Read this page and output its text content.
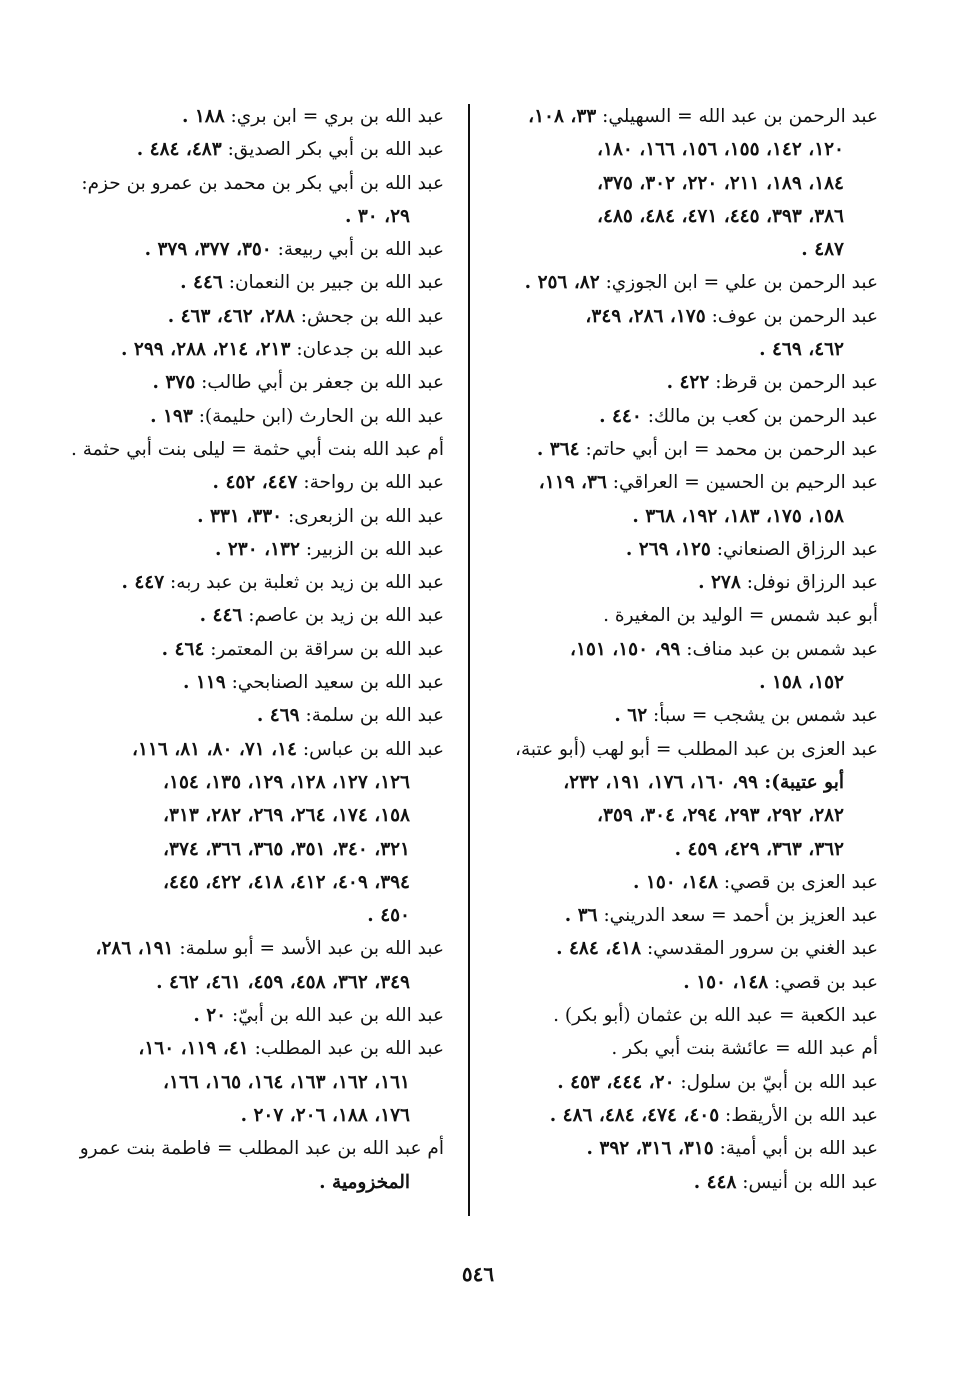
عبد الرحمن بن عبد الله = السهيلي: ٣٣، ١٠٨،
١٢٠، ١٤٢، ١٥٥، ١٥٦، ١٦٦، ١٨٠،
١٨٤، ١٨٩، ٢١١، ٢٢٠، ٣٠٢، ٣٧٥،
٣٨٦، ٣٩٣، ٤٤٥، ٤٧١، ٤٨٤، ٤٨٥،
٤٨٧ .
عبد الرحمن بن علي = ابن الجوزي: ٨٢، ٢٥٦ .
عبد الرحمن بن عوف: ١٧٥، ٢٨٦، ٣٤٩،
٤٦٢، ٤٦٩ .
عبد الرحمن بن قرظ: ٤٢٢ .
عبد الرحمن بن كعب بن مالك: ٤٤٠ .
عبد الرحمن بن محمد = ابن أبي حاتم: ٣٦٤ .
عبد الرحيم بن الحسين = العراقي: ٣٦، ١١٩،
١٥٨، ١٧٥، ١٨٣، ١٩٢، ٣٦٨ .
عبد الرزاق الصنعاني: ١٢٥، ٢٦٩ .
عبد الرزاق نوفل: ٢٧٨ .
أبو عبد شمس = الوليد بن المغيرة .
عبد شمس بن عبد مناف: ٩٩، ١٥٠، ١٥١،
١٥٢، ١٥٨ .
عبد شمس بن يشجب = سبأ: ٦٢ .
عبد العزى بن عبد المطلب = أبو لهب (أبو عتبة،
أبو عتيبة): ٩٩، ١٦٠، ١٧٦، ١٩١، ٢٣٢،
٢٨٢، ٢٩٢، ٢٩٣، ٢٩٤، ٣٠٤، ٣٥٩،
٣٦٢، ٣٦٣، ٤٢٩، ٤٥٩ .
عبد العزى بن قصي: ١٤٨، ١٥٠ .
عبد العزيز بن أحمد = سعد الدريني: ٣٦ .
عبد الغني بن سرور المقدسي: ٤١٨، ٤٨٤ .
عبد بن قصي: ١٤٨، ١٥٠ .
عبد الكعبة = عبد الله بن عثمان (أبو بكر) .
أم عبد الله = عائشة بنت أبي بكر .
عبد الله بن أبيّ بن سلول: ٢٠، ٤٤٤، ٤٥٣ .
عبد الله بن الأريقط: ٤٠٥، ٤٧٤، ٤٨٤، ٤٨٦ .
عبد الله بن أبي أمية: ٣١٥، ٣١٦، ٣٩٢ .
عبد الله بن أنيس: ٤٤٨ .
عبد الله بن بري = ابن بري: ١٨٨ .
عبد الله بن أبي بكر الصديق: ٤٨٣، ٤٨٤ .
عبد الله بن أبي بكر بن محمد بن عمرو بن حزم:
٢٩، ٣٠ .
عبد الله بن أبي ربيعة: ٣٥٠، ٣٧٧، ٣٧٩ .
عبد الله بن جبير بن النعمان: ٤٤٦ .
عبد الله بن جحش: ٢٨٨، ٤٦٢، ٤٦٣ .
عبد الله بن جدعان: ٢١٣، ٢١٤، ٢٨٨، ٢٩٩ .
عبد الله بن جعفر بن أبي طالب: ٣٧٥ .
عبد الله بن الحارث (ابن حليمة): ١٩٣ .
أم عبد الله بنت أبي حثمة = ليلى بنت أبي حثمة .
عبد الله بن رواحة: ٤٤٧، ٤٥٢ .
عبد الله بن الزبعرى: ٣٣٠، ٣٣١ .
عبد الله بن الزبير: ١٣٢، ٢٣٠ .
عبد الله بن زيد بن ثعلبة بن عبد ربه: ٤٤٧ .
عبد الله بن زيد بن عاصم: ٤٤٦ .
عبد الله بن سراقة بن المعتمر: ٤٦٤ .
عبد الله بن سعيد الصنابحي: ١١٩ .
عبد الله بن سلمة: ٤٦٩ .
عبد الله بن عباس: ١٤، ٧١، ٨٠، ٨١، ١١٦،
١٢٦، ١٢٧، ١٢٨، ١٢٩، ١٣٥، ١٥٤،
١٥٨، ١٧٤، ٢٦٤، ٢٦٩، ٢٨٢، ٣١٣،
٣٢١، ٣٤٠، ٣٥١، ٣٦٥، ٣٦٦، ٣٧٤،
٣٩٤، ٤٠٩، ٤١٢، ٤١٨، ٤٢٢، ٤٤٥،
٤٥٠ .
عبد الله بن عبد الأسد = أبو سلمة: ١٩١، ٢٨٦،
٣٤٩، ٣٦٢، ٤٥٨، ٤٥٩، ٤٦١، ٤٦٢ .
عبد الله بن عبد الله بن أبيّ: ٢٠ .
عبد الله بن عبد المطلب: ٤١، ١١٩، ١٦٠،
١٦١، ١٦٢، ١٦٣، ١٦٤، ١٦٥، ١٦٦،
١٧٦، ١٨٨، ٢٠٦، ٢٠٧ .
أم عبد الله بن عبد المطلب = فاطمة بنت عمرو
المخزومية .
٥٤٦
